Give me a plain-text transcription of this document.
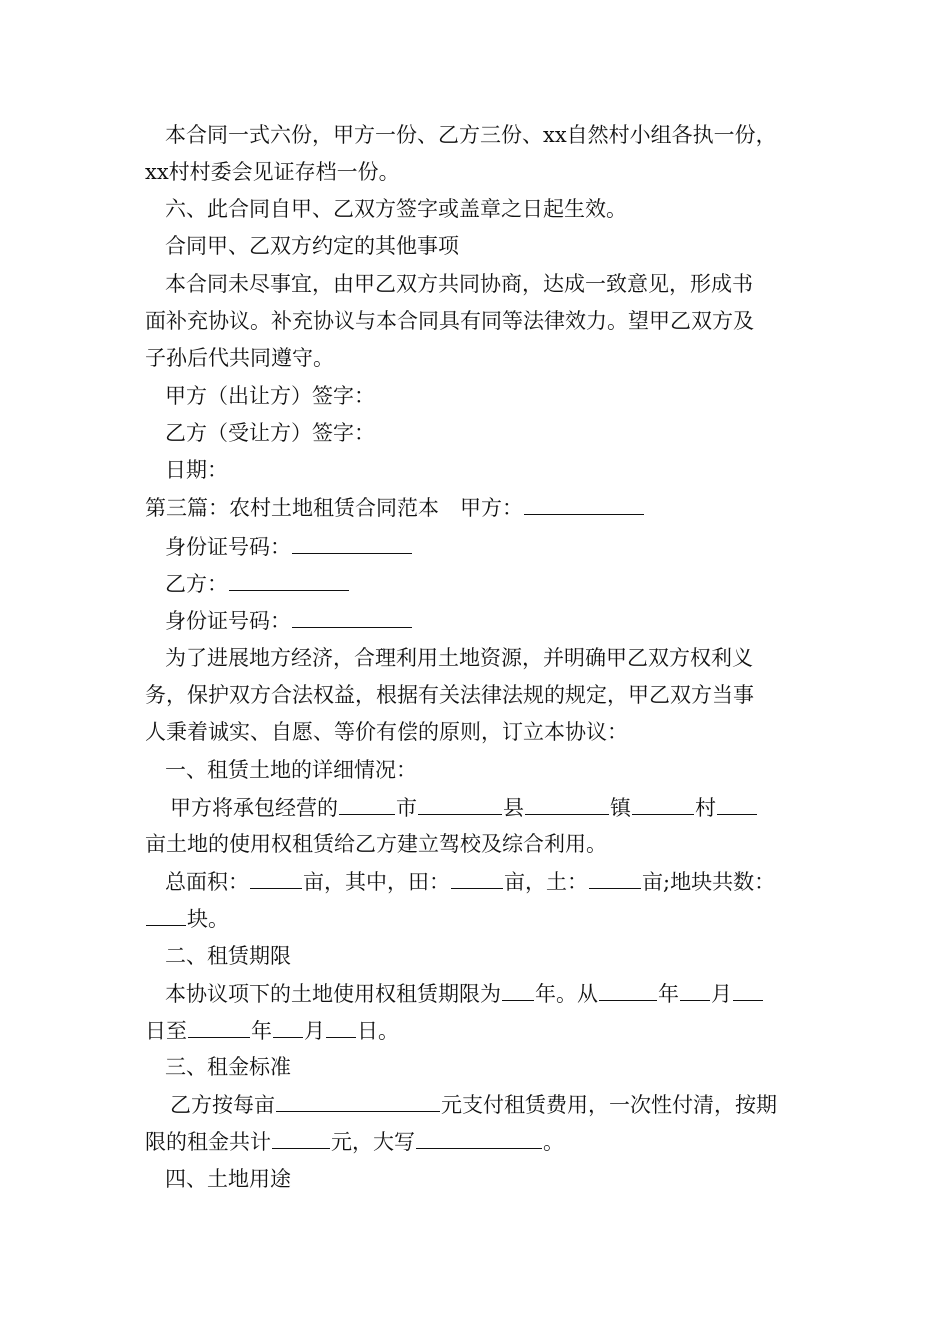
本合同一式六份，甲方一份、乙方三份、xx自然村小组各执一份，
xx村村委会见证存档一份。
六、此合同自甲、乙双方签字或盖章之日起生效。
合同甲、乙双方约定的其他事项
本合同未尽事宜，由甲乙双方共同协商，达成一致意见，形成书
面补充协议。补充协议与本合同具有同等法律效力。望甲乙双方及
子孙后代共同遵守。
甲方（出让方）签字：
乙方（受让方）签字：
日期：
第三篇：农村土地租赁合同范本　甲方：
身份证号码：
乙方：
身份证号码：
为了进展地方经济，合理利用土地资源，并明确甲乙双方权利义
务，保护双方合法权益，根据有关法律法规的规定，甲乙双方当事
人秉着诚实、自愿、等价有偿的原则，订立本协议：
一、租赁土地的详细情况：
甲方将承包经营的	市	县	镇	村
亩土地的使用权租赁给乙方建立驾校及综合利用。
总面积：	亩，其中，田：	亩，土：	亩;地块共数：
块。
二、租赁期限
本协议项下的土地使用权租赁期限为 年。从	年 月
日至	年 月 日。
三、租金标准
乙方按每亩	元支付租赁费用，一次性付清，按期
限的租金共计	元，大写	。
四、土地用途
